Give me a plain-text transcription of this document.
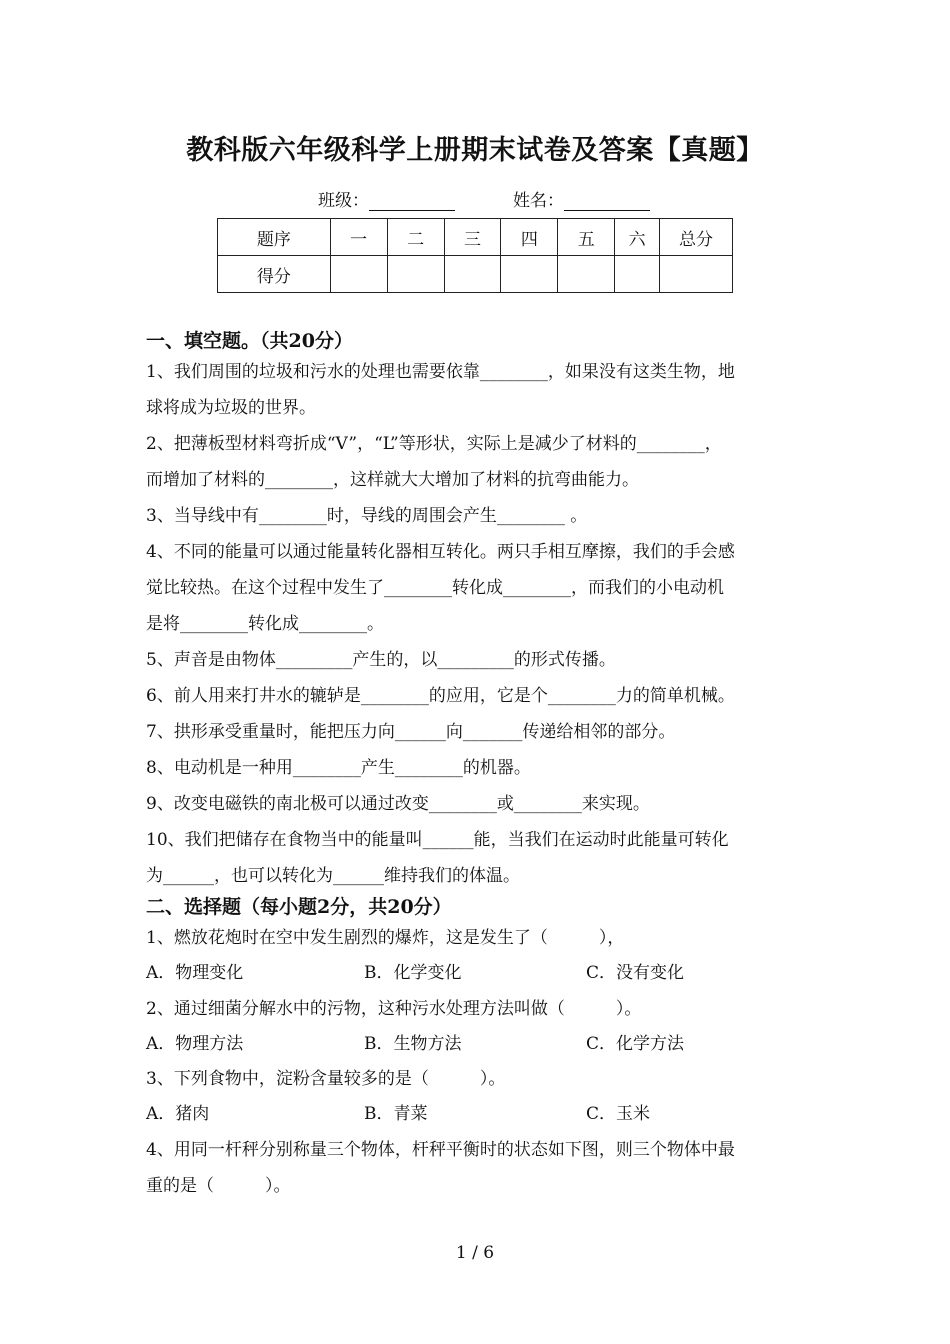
教科版六年级科学上册期末试卷及答案【真题】
班级：	姓名：
题序	一	二	三	四	五	六	总分
得分							

一、填空题。（共20分）

1、我们周围的垃圾和污水的处理也需要依靠________，如果没有这类生物，地

球将成为垃圾的世界。

2、把薄板型材料弯折成“V”，“L”等形状，实际上是减少了材料的________，

而增加了材料的________，这样就大大增加了材料的抗弯曲能力。

3、当导线中有________时，导线的周围会产生________ 。

4、不同的能量可以通过能量转化器相互转化。两只手相互摩擦，我们的手会感

觉比较热。在这个过程中发生了________转化成________，而我们的小电动机

是将________转化成________。

5、声音是由物体_________产生的，以_________的形式传播。

6、前人用来打井水的辘轳是________的应用，它是个________力的简单机械。

7、拱形承受重量时，能把压力向______向_______传递给相邻的部分。

8、电动机是一种用________产生________的机器。

9、改变电磁铁的南北极可以通过改变________或________来实现。

10、我们把储存在食物当中的能量叫______能，当我们在运动时此能量可转化

为______，也可以转化为______维持我们的体温。

二、选择题（每小题2分，共20分）

1、燃放花炮时在空中发生剧烈的爆炸，这是发生了（　　　），

A．物理变化	B．化学变化	C．没有变化

2、通过细菌分解水中的污物，这种污水处理方法叫做（　　　）。

A．物理方法	B．生物方法	C．化学方法

3、下列食物中，淀粉含量较多的是（　　　）。

A．猪肉	B．青菜	C．玉米

4、用同一杆秤分别称量三个物体，杆秤平衡时的状态如下图，则三个物体中最

重的是（　　　）。

1 / 6
